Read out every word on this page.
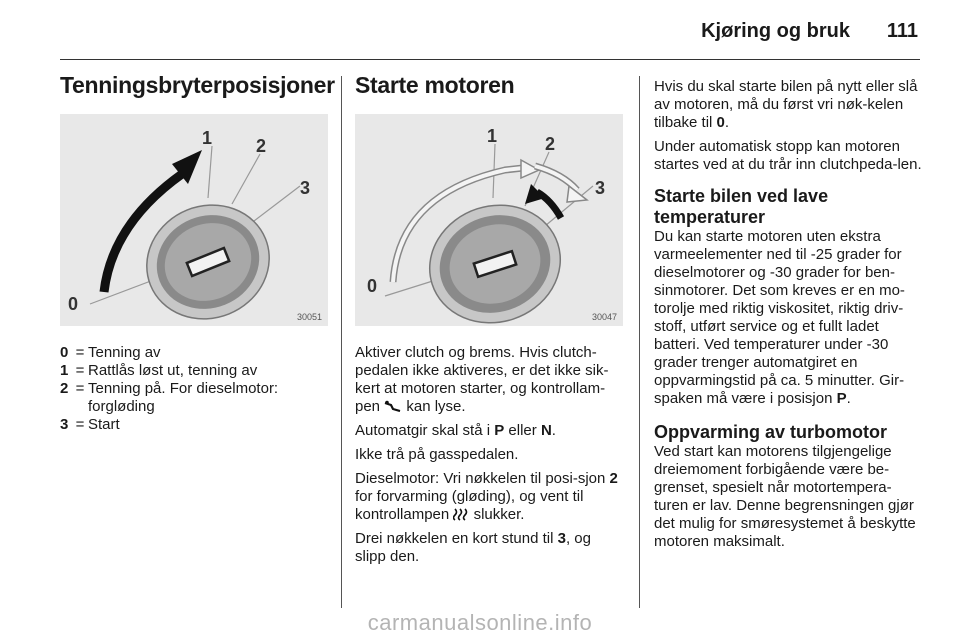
Kjøring og bruk 111
Tenningsbryterposisjoner
0
1 2
3
30051
0 = Tenning av
1 = Rattlås løst ut, tenning av
2 = Tenning på. For dieselmotor: forgløding
3 = Start
Starte motoren
0
1	2
3
30047

Aktiver clutch og brems. Hvis clutch-pedalen ikke aktiveres, er det ikke sik-kert at motoren starter, og kontrollam-pen kan lyse.

Automatgir skal stå i P eller N.

Ikke trå på gasspedalen.

Dieselmotor: Vri nøkkelen til posi-sjon 2 for forvarming (gløding), og vent til kontrollampen slukker.

Drei nøkkelen en kort stund til 3, og slipp den.

Hvis du skal starte bilen på nytt eller slå av motoren, må du først vri nøk-kelen tilbake til 0.

Under automatisk stopp kan motoren startes ved at du trår inn clutchpeda-len.

Starte bilen ved lave temperaturer

Du kan starte motoren uten ekstra varmeelementer ned til -25 grader for dieselmotorer og -30 grader for ben-sinmotorer. Det som kreves er en mo-torolje med riktig viskositet, riktig driv-stoff, utført service og et fullt ladet batteri. Ved temperaturer under -30 grader trenger automatgiret en oppvarmingstid på ca. 5 minutter. Gir-spaken må være i posisjon P.

Oppvarming av turbomotor

Ved start kan motorens tilgjengelige dreiemoment forbigående være be-grenset, spesielt når motortempera-turen er lav. Denne begrensningen gjør det mulig for smøresystemet å beskytte motoren maksimalt.

carmanualsonline.info
